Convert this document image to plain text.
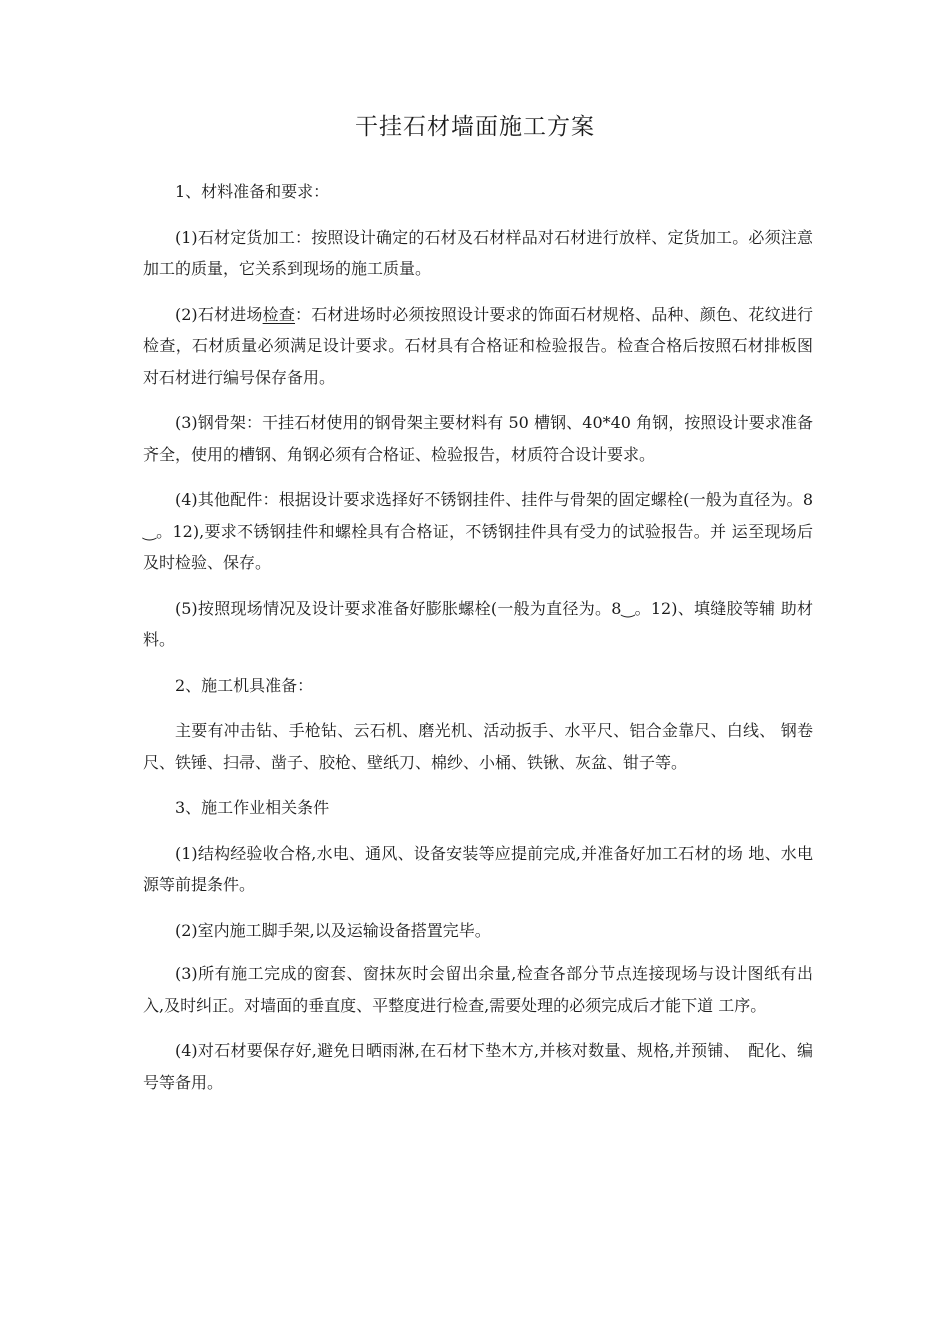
干挂石材墙面施工方案

1、材料准备和要求：

(1)石材定货加工：按照设计确定的石材及石材样品对石材进行放样、定货加工。必须注意加工的质量，它关系到现场的施工质量。

(2)石材进场检查：石材进场时必须按照设计要求的饰面石材规格、品种、颜色、花纹进行检查，石材质量必须满足设计要求。石材具有合格证和检验报告。检查合格后按照石材排板图对石材进行编号保存备用。

(3)钢骨架：干挂石材使用的钢骨架主要材料有 50 槽钢、40*40 角钢，按照设计要求准备齐全，使用的槽钢、角钢必须有合格证、检验报告，材质符合设计要求。

(4)其他配件：根据设计要求选择好不锈钢挂件、挂件与骨架的固定螺栓(一般为直径为。8‿。12),要求不锈钢挂件和螺栓具有合格证，不锈钢挂件具有受力的试验报告。并 运至现场后及时检验、保存。

(5)按照现场情况及设计要求准备好膨胀螺栓(一般为直径为。8‿。12)、填缝胶等辅 助材料。

2、施工机具准备：

主要有冲击钻、手枪钻、云石机、磨光机、活动扳手、水平尺、铝合金靠尺、白线、 钢卷尺、铁锤、扫帚、凿子、胶枪、壁纸刀、棉纱、小桶、铁锹、灰盆、钳子等。

3、施工作业相关条件

(1)结构经验收合格,水电、通风、设备安装等应提前完成,并准备好加工石材的场 地、水电源等前提条件。

(2)室内施工脚手架,以及运输设备搭置完毕。

(3)所有施工完成的窗套、窗抹灰时会留出余量,检查各部分节点连接现场与设计图纸有出入,及时纠正。对墙面的垂直度、平整度进行检查,需要处理的必须完成后才能下道 工序。

(4)对石材要保存好,避免日晒雨淋,在石材下垫木方,并核对数量、规格,并预铺、　配化、编号等备用。
